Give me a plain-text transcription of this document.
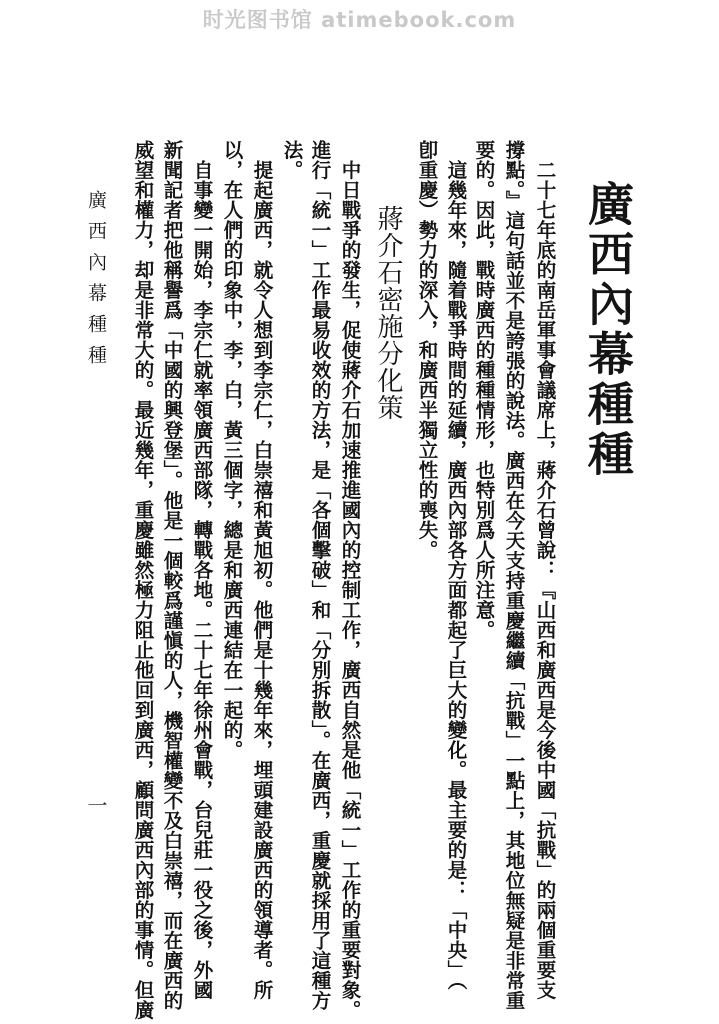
时光图书馆 atimebook.com
廣西內幕種種
二十七年底的南岳軍事會議席上，蔣介石曾說：『山西和廣西是今後中國「抗戰」的兩個重要支
撐點。』這句話並不是誇張的說法。廣西在今天支持重慶繼續「抗戰」一點上，其地位無疑是非常重
要的。因此，戰時廣西的種種情形，也特別爲人所注意。
這幾年來，隨着戰爭時間的延續，廣西內部各方面都起了巨大的變化。最主要的是：「中央」（
卽重慶）勢力的深入，和廣西半獨立性的喪失。
蔣介石密施分化策
中日戰爭的發生，促使蔣介石加速推進國內的控制工作，廣西自然是他「統一」工作的重要對象。
進行「統一」工作最易收效的方法，是「各個擊破」和「分別拆散」。在廣西，重慶就採用了這種方
法。
提起廣西，就令人想到李宗仁，白崇禧和黃旭初。他們是十幾年來，埋頭建設廣西的領導者。所
以，在人們的印象中，李，白，黃三個字，總是和廣西連結在一起的。
自事變一開始，李宗仁就率領廣西部隊，轉戰各地。二十七年徐州會戰，台兒莊一役之後，外國
新聞記者把他稱譽爲「中國的興登堡」。他是一個較爲謹愼的人，機智權變不及白崇禧，而在廣西的
威望和權力，却是非常大的。最近幾年，重慶雖然極力阻止他回到廣西，顧問廣西內部的事情。但廣
廣西內幕種種
一
